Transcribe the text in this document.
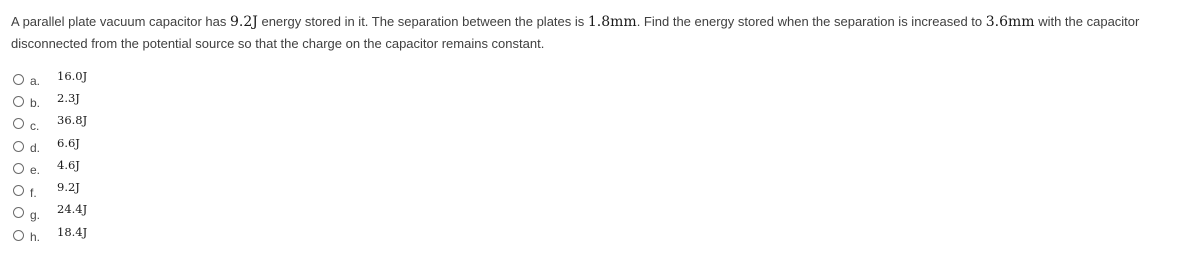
A parallel plate vacuum capacitor has 9.2J energy stored in it. The separation between the plates is 1.8mm. Find the energy stored when the separation is increased to 3.6mm with the capacitor disconnected from the potential source so that the charge on the capacitor remains constant.
a.	16.0J
b.	2.3J
c.	36.8J
d.	6.6J
e.	4.6J
f.	9.2J
g.	24.4J
h.	18.4J
